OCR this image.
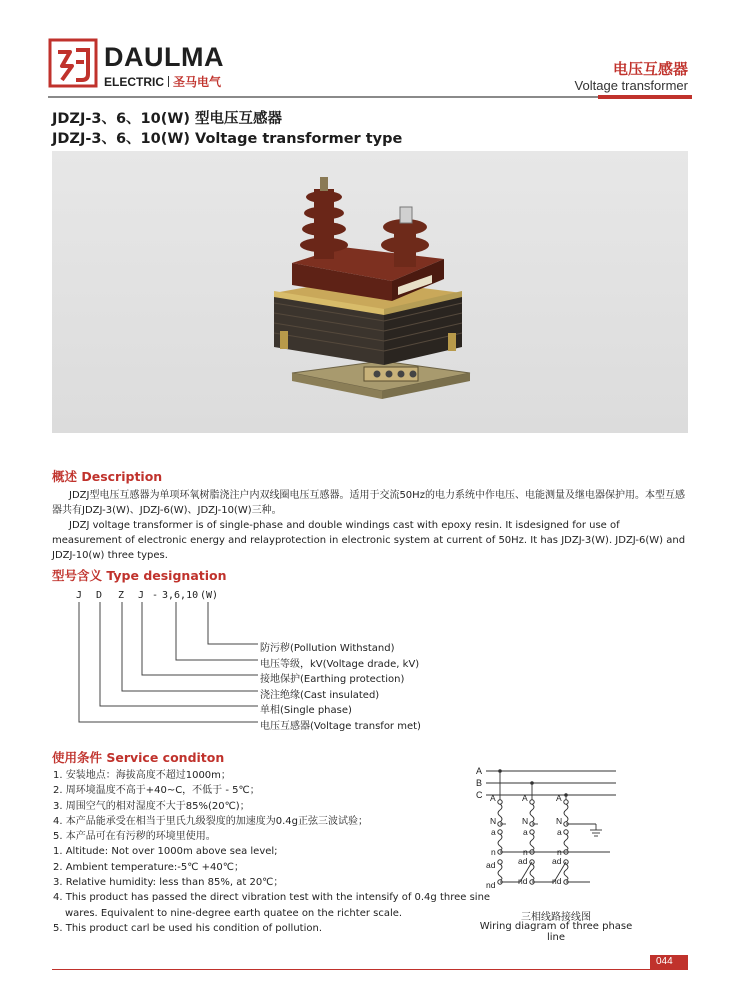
DAULMA
ELECTRIC 圣马电气
电压互感器
Voltage transformer
JDZJ-3、6、10(W) 型电压互感器
JDZJ-3、6、10(W) Voltage transformer type
概述 Description

JDZJ型电压互感器为单项环氧树脂浇注户内双线圈电压互感器。适用于交流50Hz的电力系统中作电压、电能测量及继电器保护用。本型互感器共有JDZJ-3(W)、JDZJ-6(W)、JDZJ-10(W)三种。

JDZJ voltage transformer is of single-phase and double windings cast with epoxy resin. It isdesigned for use of measurement of electronic energy and relayprotection in electronic system at current of 50Hz. It has JDZJ-3(W). JDZJ-6(W) and JDZJ-10(w) three types.

型号含义 Type designation
J D Z J - 3,6,10 (W)
防污秽(Pollution Withstand)
电压等级，kV(Voltage drade, kV)
接地保护(Earthing protection)
浇注绝缘(Cast insulated)
单相(Single phase)
电压互感器(Voltage transfor met)
使用条件 Service conditon
1. 安装地点：海拔高度不超过1000m；
2. 周环境温度不高于+40~C，不低于 - 5℃；
3. 周围空气的相对湿度不大于85%(20℃)；
4. 本产品能承受在相当于里氏九级裂度的加速度为0.4g正弦三波试验；
5. 本产品可在有污秽的环境里使用。
1. Altitude: Not over 1000m above sea level;
2. Ambient temperature:-5℃ +40℃；
3. Relative humidity: less than 85%, at 20℃；
4. This product has passed the direct vibration test with the intensify of 0.4g three sine
wares. Equivalent to nine-degree earth quatee on the richter scale.
5. This product carl be used his condition of pollution.
A
B
C A	A	A
N	N	N
a	a	a
n	n	n
ad	ad	ad
nd	nd	nd
三相线路接线图
Wiring diagram of three phase line
044
